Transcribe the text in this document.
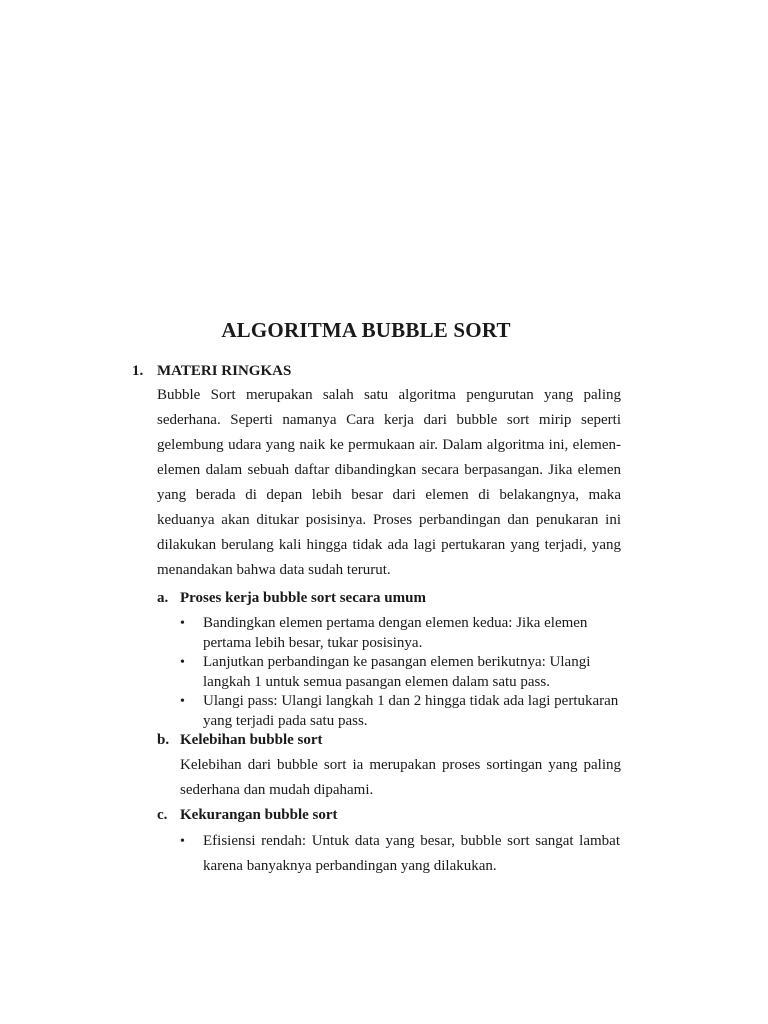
ALGORITMA BUBBLE SORT
1. MATERI RINGKAS

Bubble Sort merupakan salah satu algoritma pengurutan yang paling sederhana. Seperti namanya Cara kerja dari bubble sort mirip seperti gelembung udara yang naik ke permukaan air. Dalam algoritma ini, elemen-elemen dalam sebuah daftar dibandingkan secara berpasangan. Jika elemen yang berada di depan lebih besar dari elemen di belakangnya, maka keduanya akan ditukar posisinya. Proses perbandingan dan penukaran ini dilakukan berulang kali hingga tidak ada lagi pertukaran yang terjadi, yang menandakan bahwa data sudah terurut.

a. Proses kerja bubble sort secara umum
• Bandingkan elemen pertama dengan elemen kedua: Jika elemen pertama lebih besar, tukar posisinya.
• Lanjutkan perbandingan ke pasangan elemen berikutnya: Ulangi langkah 1 untuk semua pasangan elemen dalam satu pass.
• Ulangi pass: Ulangi langkah 1 dan 2 hingga tidak ada lagi pertukaran yang terjadi pada satu pass.
b. Kelebihan bubble sort

Kelebihan dari bubble sort ia merupakan proses sortingan yang paling sederhana dan mudah dipahami.

c. Kekurangan bubble sort
• Efisiensi rendah: Untuk data yang besar, bubble sort sangat lambat karena banyaknya perbandingan yang dilakukan.
